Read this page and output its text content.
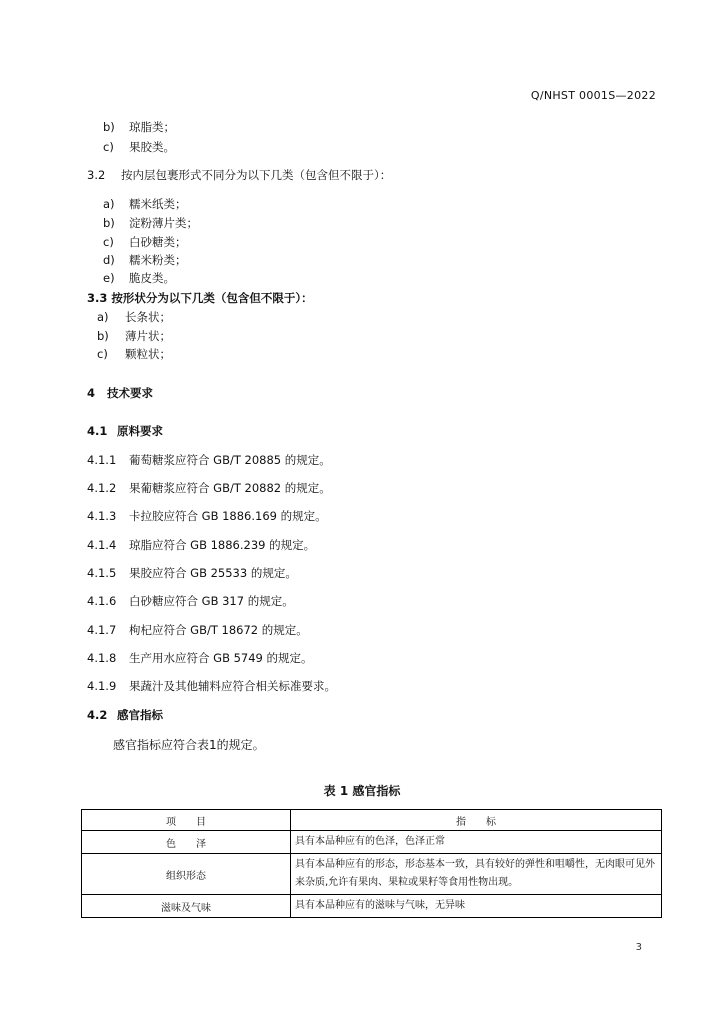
Q/NHST 0001S—2022
b) 琼脂类；
c) 果胶类。
3.2 按内层包裹形式不同分为以下几类（包含但不限于）：
a) 糯米纸类；
b) 淀粉薄片类；
c) 白砂糖类；
d) 糯米粉类；
e) 脆皮类。
3.3 按形状分为以下几类（包含但不限于）：
a) 长条状；
b) 薄片状；
c) 颗粒状；
4 技术要求
4.1 原料要求
4.1.1 葡萄糖浆应符合 GB/T 20885 的规定。
4.1.2 果葡糖浆应符合 GB/T 20882 的规定。
4.1.3 卡拉胶应符合 GB 1886.169 的规定。
4.1.4 琼脂应符合 GB 1886.239 的规定。
4.1.5 果胶应符合 GB 25533 的规定。
4.1.6 白砂糖应符合 GB 317 的规定。
4.1.7 枸杞应符合 GB/T 18672 的规定。
4.1.8 生产用水应符合 GB 5749 的规定。
4.1.9 果蔬汁及其他辅料应符合相关标准要求。
4.2 感官指标
感官指标应符合表1的规定。
表 1 感官指标
项　　目	指　　标
色　　泽	具有本品种应有的色泽，色泽正常
组织形态	具有本品种应有的形态，形态基本一致，具有较好的弹性和咀嚼性，无肉眼可见外来杂质,允许有果肉、果粒或果籽等食用性物出现。
滋味及气味	具有本品种应有的滋味与气味，无异味
3
